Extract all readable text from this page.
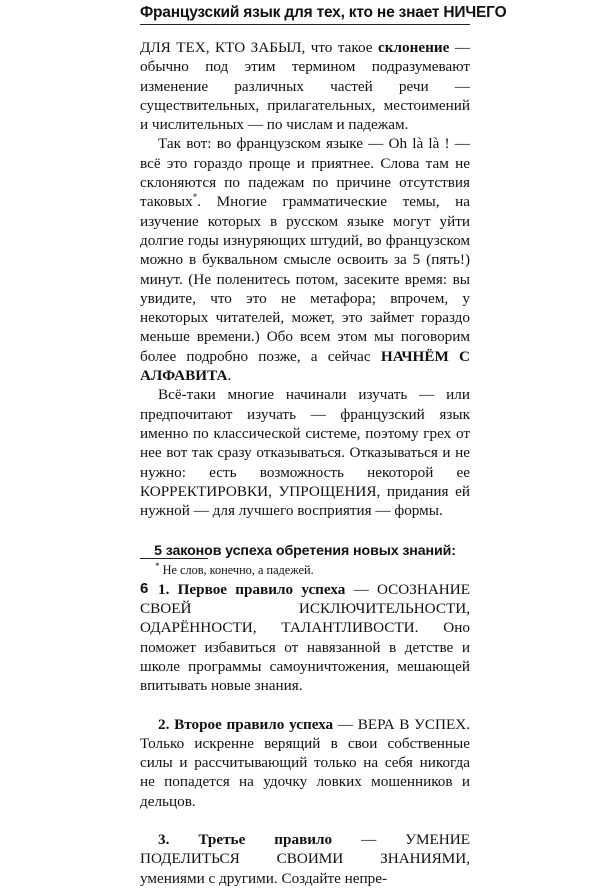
Французский язык для тех, кто не знает НИЧЕГО

ДЛЯ ТЕХ, КТО ЗАБЫЛ, что такое склонение — обычно под этим термином подразумевают изменение различных частей речи — существительных, прилагательных, местоимений и числительных — по числам и падежам.

Так вот: во французском языке — Oh là là ! — всё это гораздо проще и приятнее. Слова там не склоняются по падежам по причине отсутствия таковых*. Многие грамматические темы, на изучение которых в русском языке могут уйти долгие годы изнуряющих штудий, во французском можно в буквальном смысле освоить за 5 (пять!) минут. (Не поленитесь потом, засеките время: вы увидите, что это не метафора; впрочем, у некоторых читателей, может, это займет гораздо меньше времени.) Обо всем этом мы поговорим более подробно позже, а сейчас НАЧНЁМ С АЛФАВИТА.

Всё-таки многие начинали изучать — или предпочитают изучать — французский язык именно по классической системе, поэтому грех от нее вот так сразу отказываться. Отказываться и не нужно: есть возможность некоторой ее КОРРЕКТИРОВКИ, УПРОЩЕНИЯ, придания ей нужной — для лучшего восприятия — формы.

5 законов успеха обретения новых знаний:

1. Первое правило успеха — ОСОЗНАНИЕ СВОЕЙ ИСКЛЮЧИТЕЛЬНОСТИ, ОДАРЁННОСТИ, ТАЛАНТЛИВОСТИ. Оно поможет избавиться от навязанной в детстве и школе программы самоуничтожения, мешающей впитывать новые знания.

2. Второе правило успеха — ВЕРА В УСПЕХ. Только искренне верящий в свои собственные силы и рассчитывающий только на себя никогда не попадется на удочку ловких мошенников и дельцов.

3. Третье правило — УМЕНИЕ ПОДЕЛИТЬСЯ СВОИМИ ЗНАНИЯМИ, умениями с другими. Создайте непре-

* Не слов, конечно, а падежей.
6
